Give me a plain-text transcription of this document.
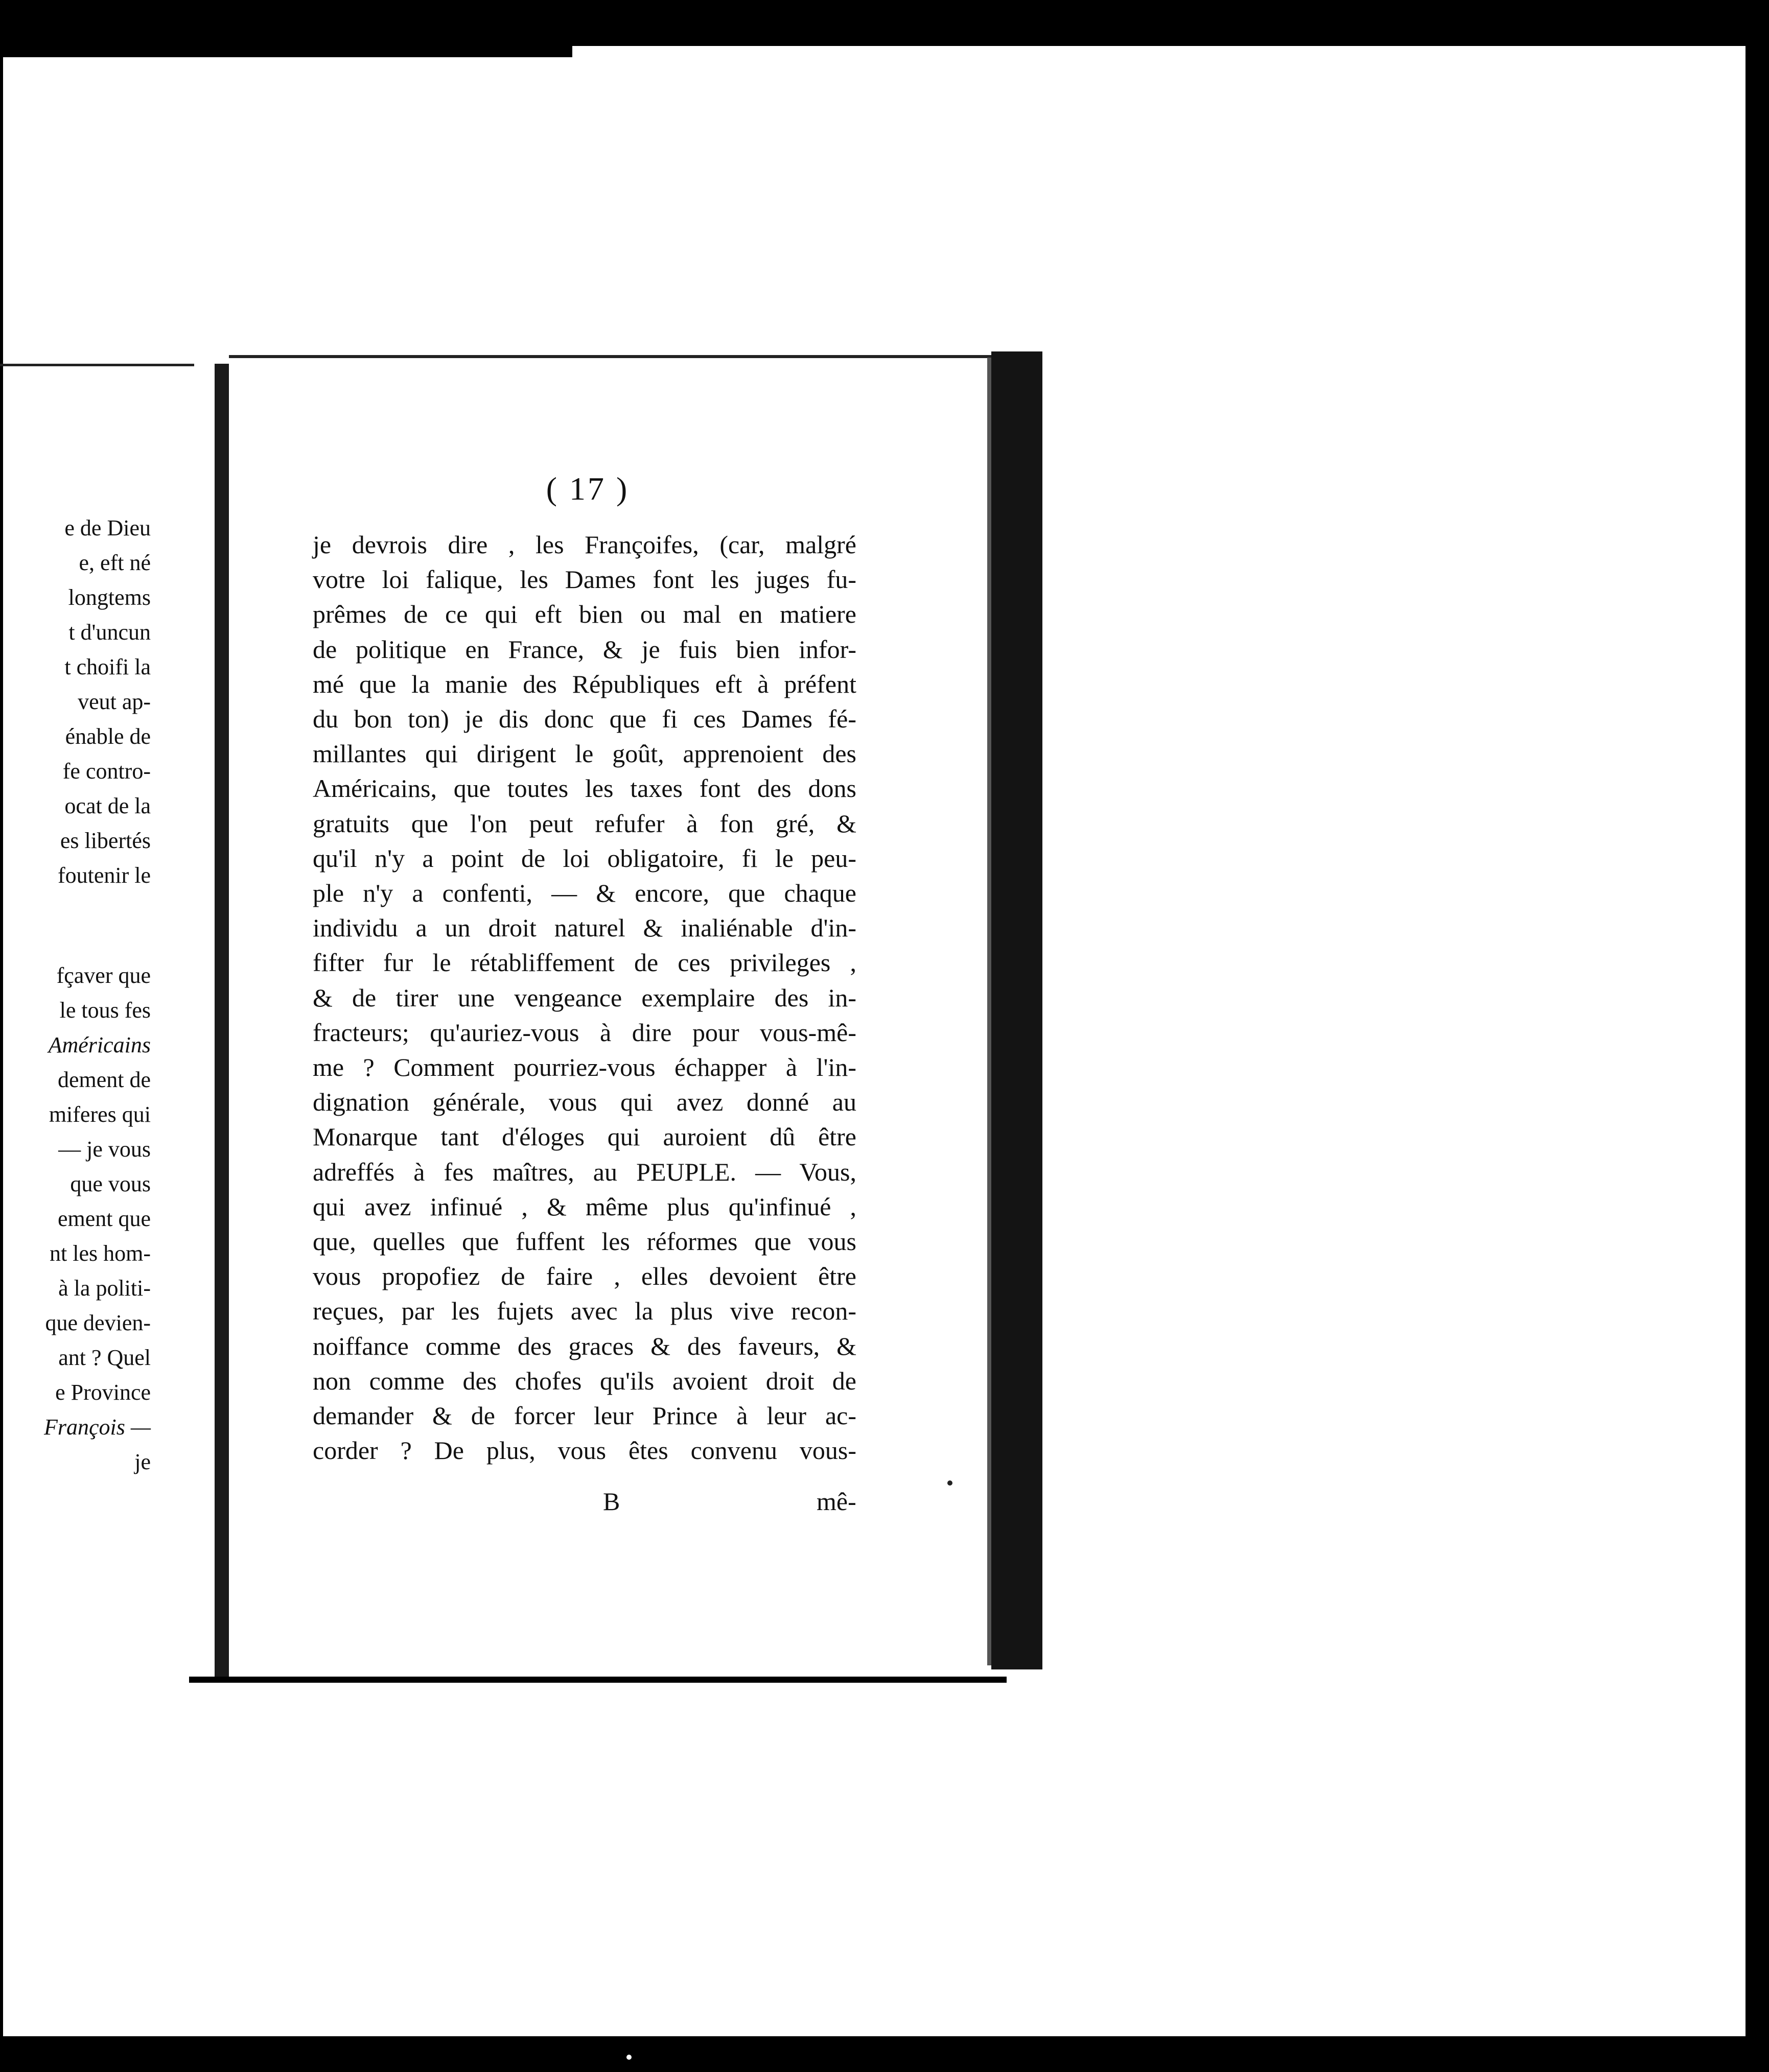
e de Dieu
e, eft né
longtems
t d'uncun
t choifi la
veut ap-
énable de
fe contro-
ocat de la
es libertés
foutenir le

fçaver que
le tous fes
Américains
dement de
miferes qui
— je vous
que vous
ement que
nt les hom-
à la politi-
que devien-
ant ? Quel
e Province
François —
je
( 17 )
je devrois dire , les Françoifes, (car, malgré
votre loi falique, les Dames font les juges fu-
prêmes de ce qui eft bien ou mal en matiere
de politique en France, & je fuis bien infor-
mé que la manie des Républiques eft à préfent
du bon ton) je dis donc que fi ces Dames fé-
millantes qui dirigent le goût, apprenoient des
Américains, que toutes les taxes font des dons
gratuits que l'on peut refufer à fon gré, &
qu'il n'y a point de loi obligatoire, fi le peu-
ple n'y a confenti, — & encore, que chaque
individu a un droit naturel & inaliénable d'in-
fifter fur le rétabliffement de ces privileges ,
& de tirer une vengeance exemplaire des in-
fracteurs; qu'auriez-vous à dire pour vous-mê-
me ? Comment pourriez-vous échapper à l'in-
dignation générale, vous qui avez donné au
Monarque tant d'éloges qui auroient dû être
adreffés à fes maîtres, au PEUPLE. — Vous,
qui avez infinué , & même plus qu'infinué ,
que, quelles que fuffent les réformes que vous
vous propofiez de faire , elles devoient être
reçues, par les fujets avec la plus vive recon-
noiffance comme des graces & des faveurs, &
non comme des chofes qu'ils avoient droit de
demander & de forcer leur Prince à leur ac-
corder ? De plus, vous êtes convenu vous-
B	mê-
